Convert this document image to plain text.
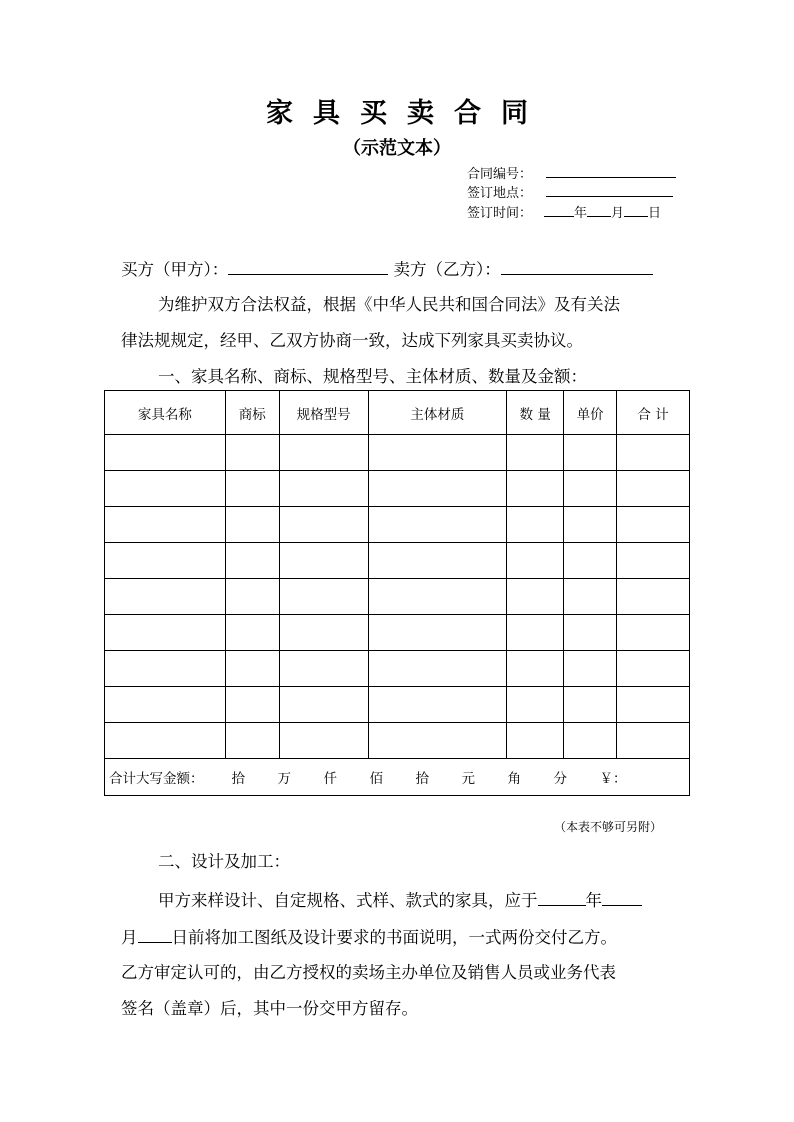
家具买卖合同
（示范文本）
合同编号：
签订地点：
签订时间：	年 月 日
买方（甲方）：	卖方（乙方）：
为维护双方合法权益，根据《中华人民共和国合同法》及有关法
律法规规定，经甲、乙双方协商一致，达成下列家具买卖协议。
一、家具名称、商标、规格型号、主体材质、数量及金额：
家具名称	商标	规格型号	主体材质	数 量	单价	合 计

合计大写金额： 拾 万 仟 佰 拾 元 角 分 ￥：						
（本表不够可另附）
二、设计及加工：
甲方来样设计、自定规格、式样、款式的家具，应于	年
月 日前将加工图纸及设计要求的书面说明，一式两份交付乙方。
乙方审定认可的，由乙方授权的卖场主办单位及销售人员或业务代表
签名（盖章）后，其中一份交甲方留存。
